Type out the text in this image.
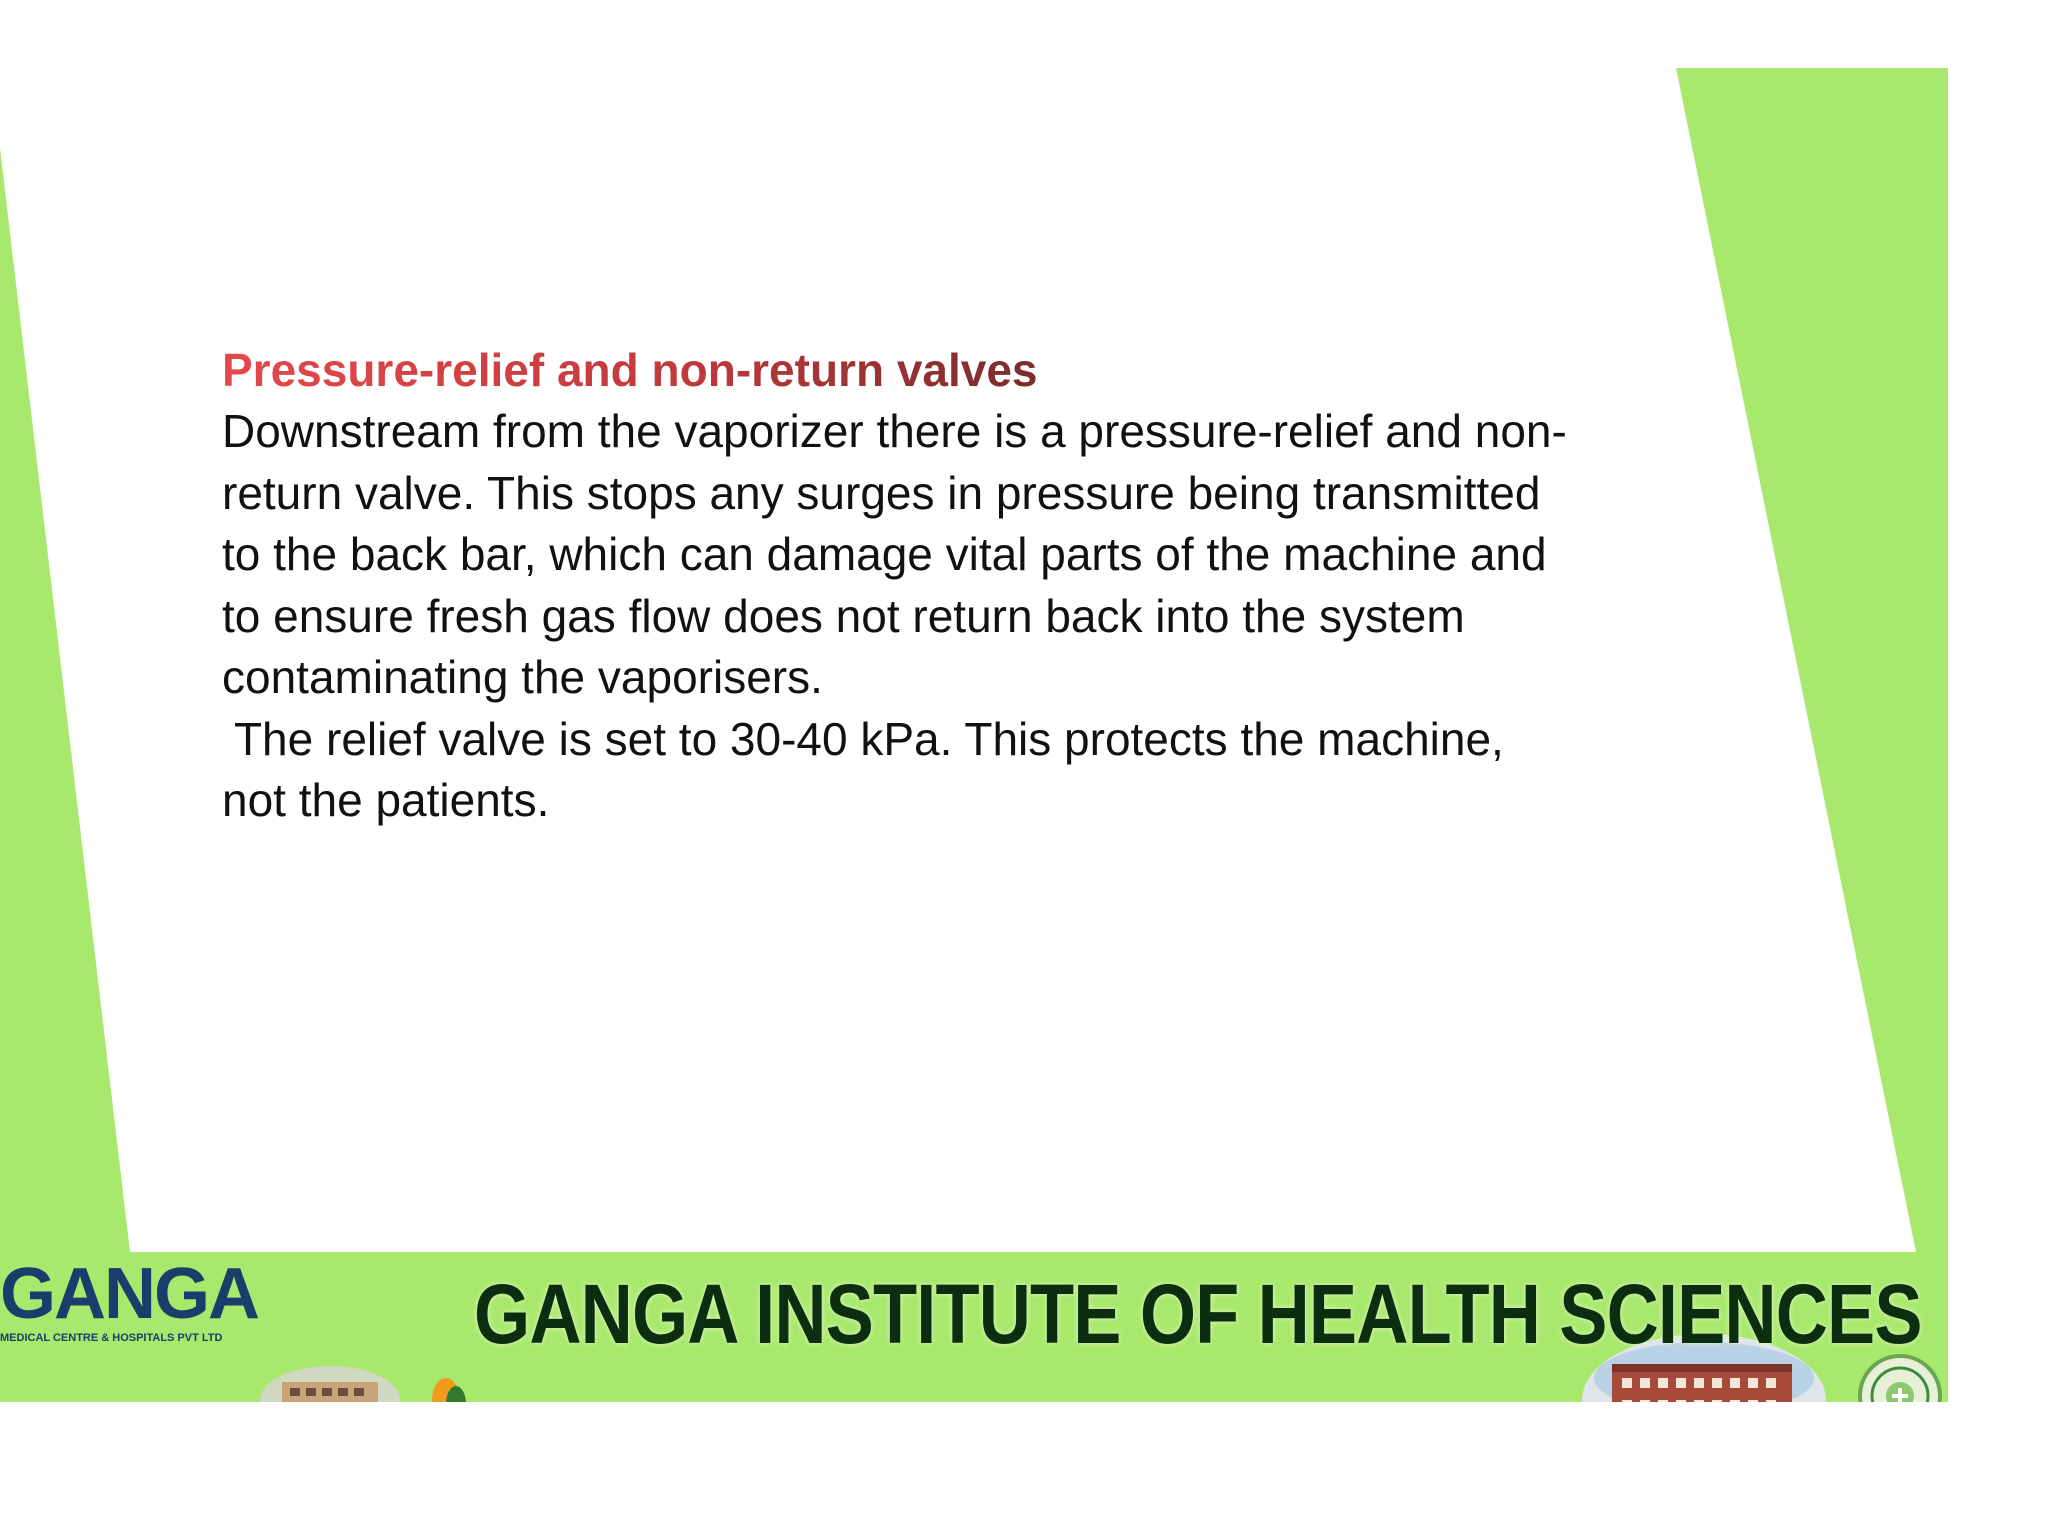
Pressure-relief and non-return valves
Downstream from the vaporizer there is a pressure-relief and non-
return valve. This stops any surges in pressure being transmitted
to the back bar, which can damage vital parts of the machine and
to ensure fresh gas flow does not return back into the system
contaminating the vaporisers.
The relief valve is set to 30-40 kPa. This protects the machine,
not the patients.
GANGA
MEDICAL CENTRE & HOSPITALS PVT LTD	GANGA INSTITUTE OF HEALTH SCIENCES
